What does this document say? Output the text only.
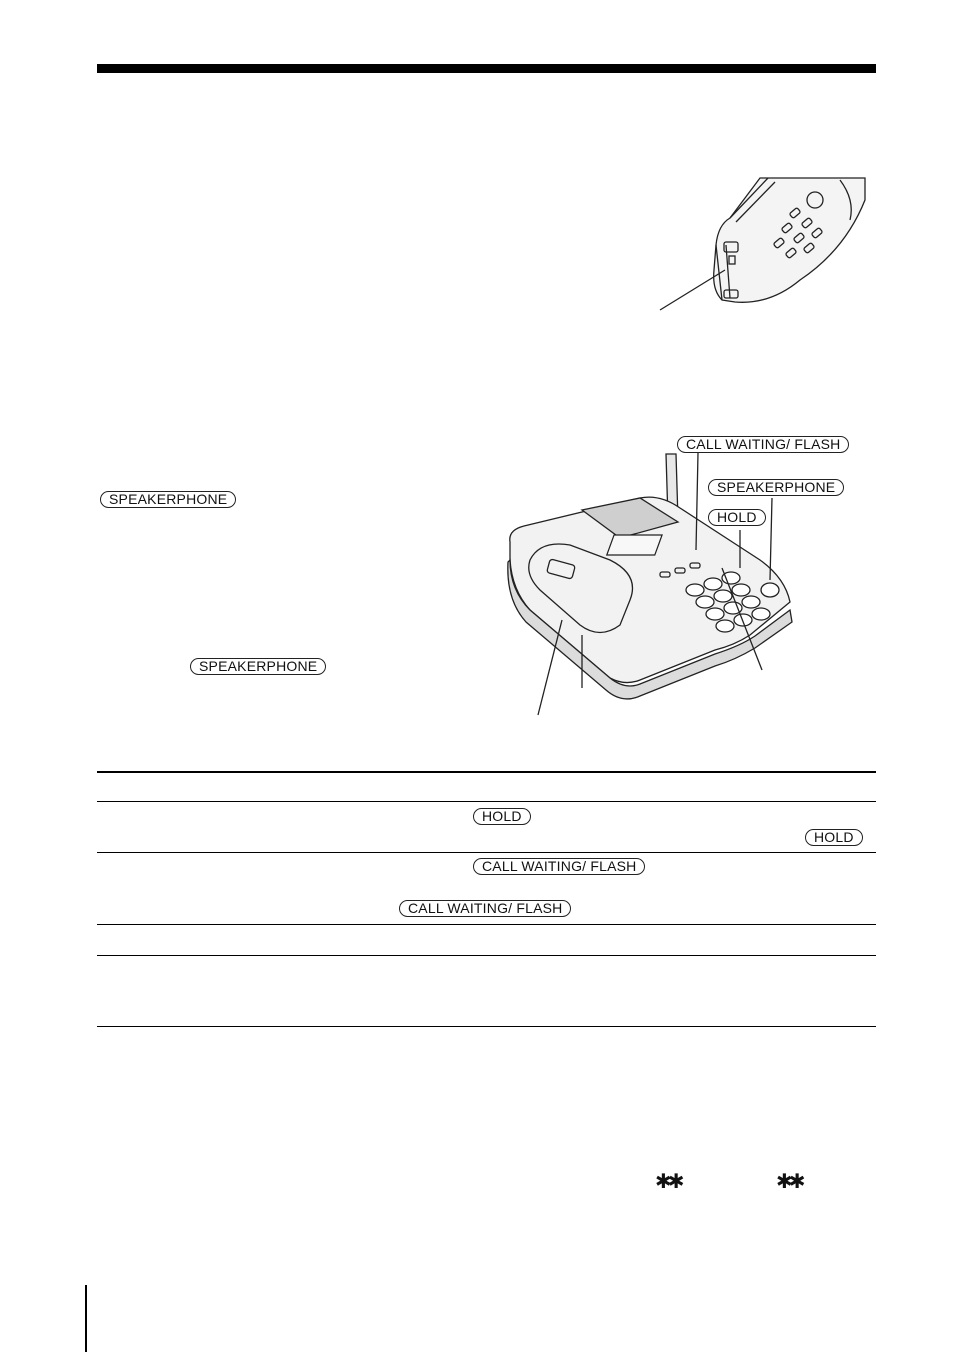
CALL WAITING/ FLASH
SPEAKERPHONE
HOLD
SPEAKERPHONE
SPEAKERPHONE
HOLD
HOLD
CALL WAITING/ FLASH
CALL WAITING/ FLASH
✱✱	✱✱
